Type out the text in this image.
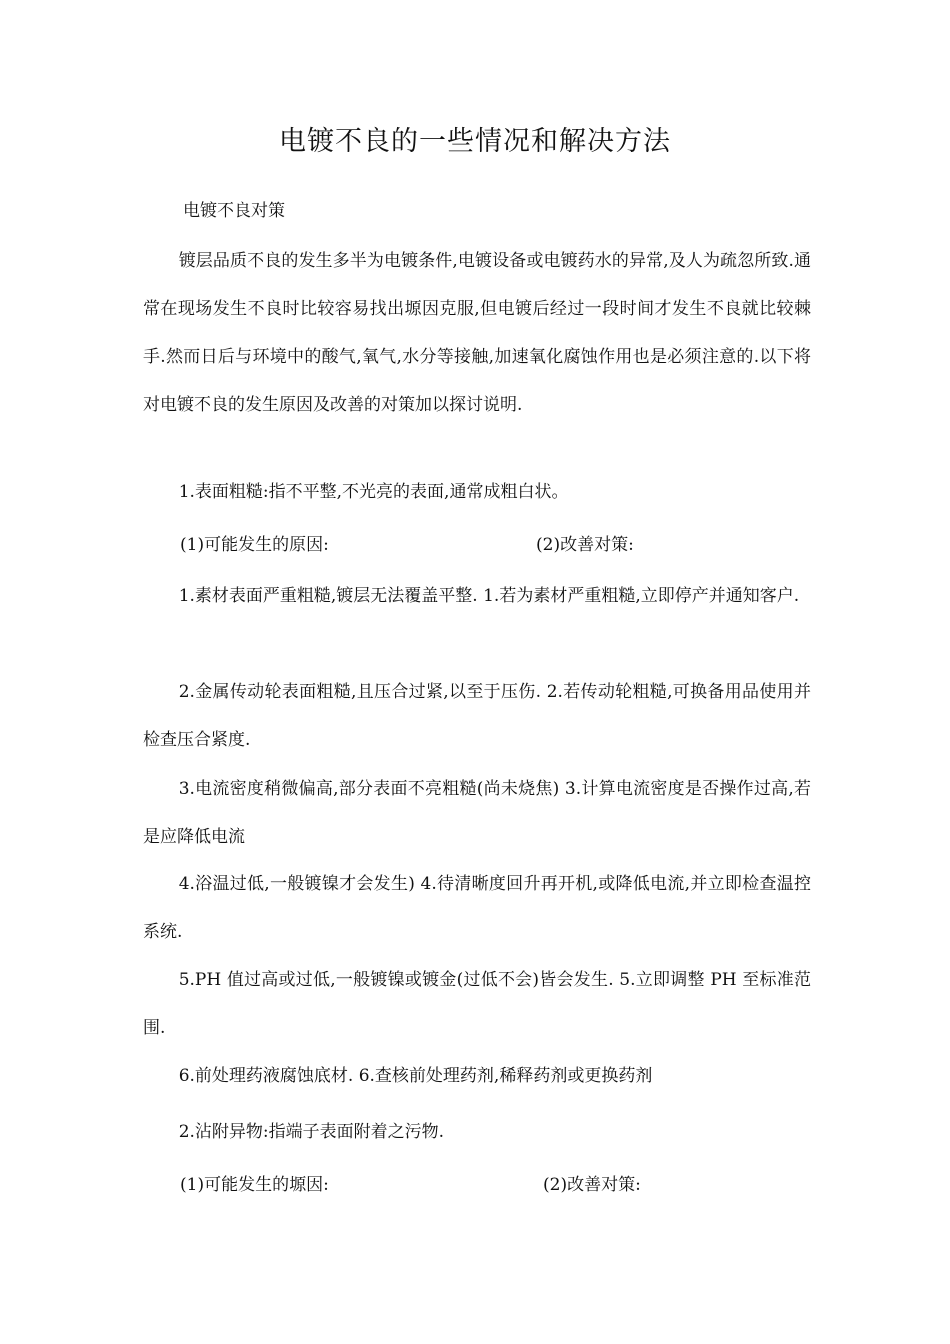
电镀不良的一些情况和解决方法
电镀不良对策

镀层品质不良的发生多半为电镀条件,电镀设备或电镀药水的异常,及人为疏忽所致.通常在现场发生不良时比较容易找出塬因克服,但电镀后经过一段时间才发生不良就比较棘手.然而日后与环境中的酸气,氧气,水分等接触,加速氧化腐蚀作用也是必须注意的.以下将对电镀不良的发生原因及改善的对策加以探讨说明.

1.表面粗糙:指不平整,不光亮的表面,通常成粗白状。

(1)可能发生的原因:	(2)改善对策:

1.素材表面严重粗糙,镀层无法覆盖平整. 1.若为素材严重粗糙,立即停产并通知客户.

2.金属传动轮表面粗糙,且压合过紧,以至于压伤. 2.若传动轮粗糙,可换备用品使用并检查压合紧度.

3.电流密度稍微偏高,部分表面不亮粗糙(尚未烧焦) 3.计算电流密度是否操作过高,若是应降低电流

4.浴温过低,一般镀镍才会发生) 4.待清晰度回升再开机,或降低电流,并立即检查温控系统.

5.PH 值过高或过低,一般镀镍或镀金(过低不会)皆会发生. 5.立即调整 PH 至标准范围.

6.前处理药液腐蚀底材. 6.查核前处理药剂,稀释药剂或更换药剂

2.沾附异物:指端子表面附着之污物.

(1)可能发生的塬因:	(2)改善对策:
